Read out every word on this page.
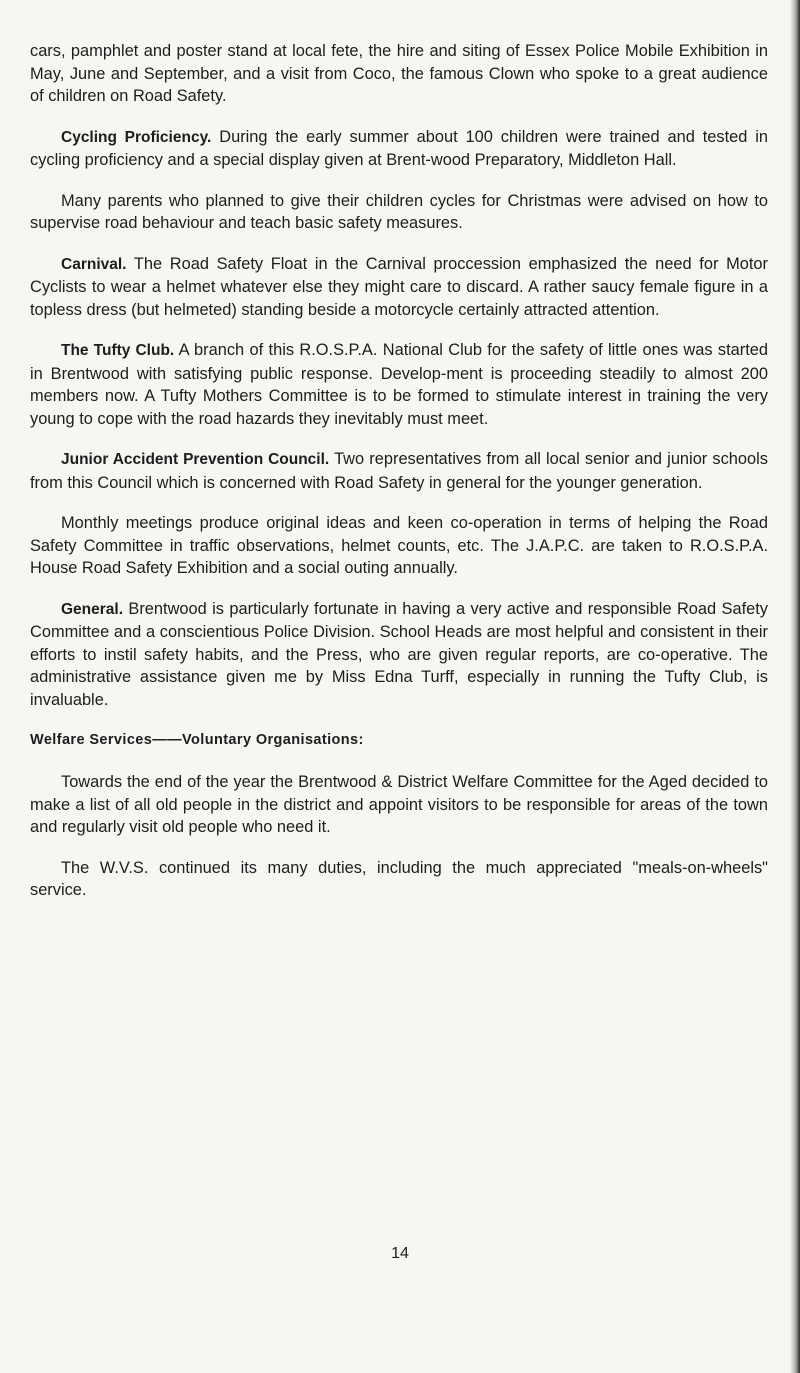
cars, pamphlet and poster stand at local fete, the hire and siting of Essex Police Mobile Exhibition in May, June and September, and a visit from Coco, the famous Clown who spoke to a great audience of children on Road Safety.

Cycling Proficiency. During the early summer about 100 children were trained and tested in cycling proficiency and a special display given at Brent-wood Preparatory, Middleton Hall.

Many parents who planned to give their children cycles for Christmas were advised on how to supervise road behaviour and teach basic safety measures.

Carnival. The Road Safety Float in the Carnival proccession emphasized the need for Motor Cyclists to wear a helmet whatever else they might care to discard. A rather saucy female figure in a topless dress (but helmeted) standing beside a motorcycle certainly attracted attention.

The Tufty Club. A branch of this R.O.S.P.A. National Club for the safety of little ones was started in Brentwood with satisfying public response. Develop-ment is proceeding steadily to almost 200 members now. A Tufty Mothers Committee is to be formed to stimulate interest in training the very young to cope with the road hazards they inevitably must meet.

Junior Accident Prevention Council. Two representatives from all local senior and junior schools from this Council which is concerned with Road Safety in general for the younger generation.

Monthly meetings produce original ideas and keen co-operation in terms of helping the Road Safety Committee in traffic observations, helmet counts, etc. The J.A.P.C. are taken to R.O.S.P.A. House Road Safety Exhibition and a social outing annually.

General. Brentwood is particularly fortunate in having a very active and responsible Road Safety Committee and a conscientious Police Division. School Heads are most helpful and consistent in their efforts to instil safety habits, and the Press, who are given regular reports, are co-operative. The administrative assistance given me by Miss Edna Turff, especially in running the Tufty Club, is invaluable.

Welfare Services——Voluntary Organisations:

Towards the end of the year the Brentwood & District Welfare Committee for the Aged decided to make a list of all old people in the district and appoint visitors to be responsible for areas of the town and regularly visit old people who need it.

The W.V.S. continued its many duties, including the much appreciated "meals-on-wheels" service.

14
